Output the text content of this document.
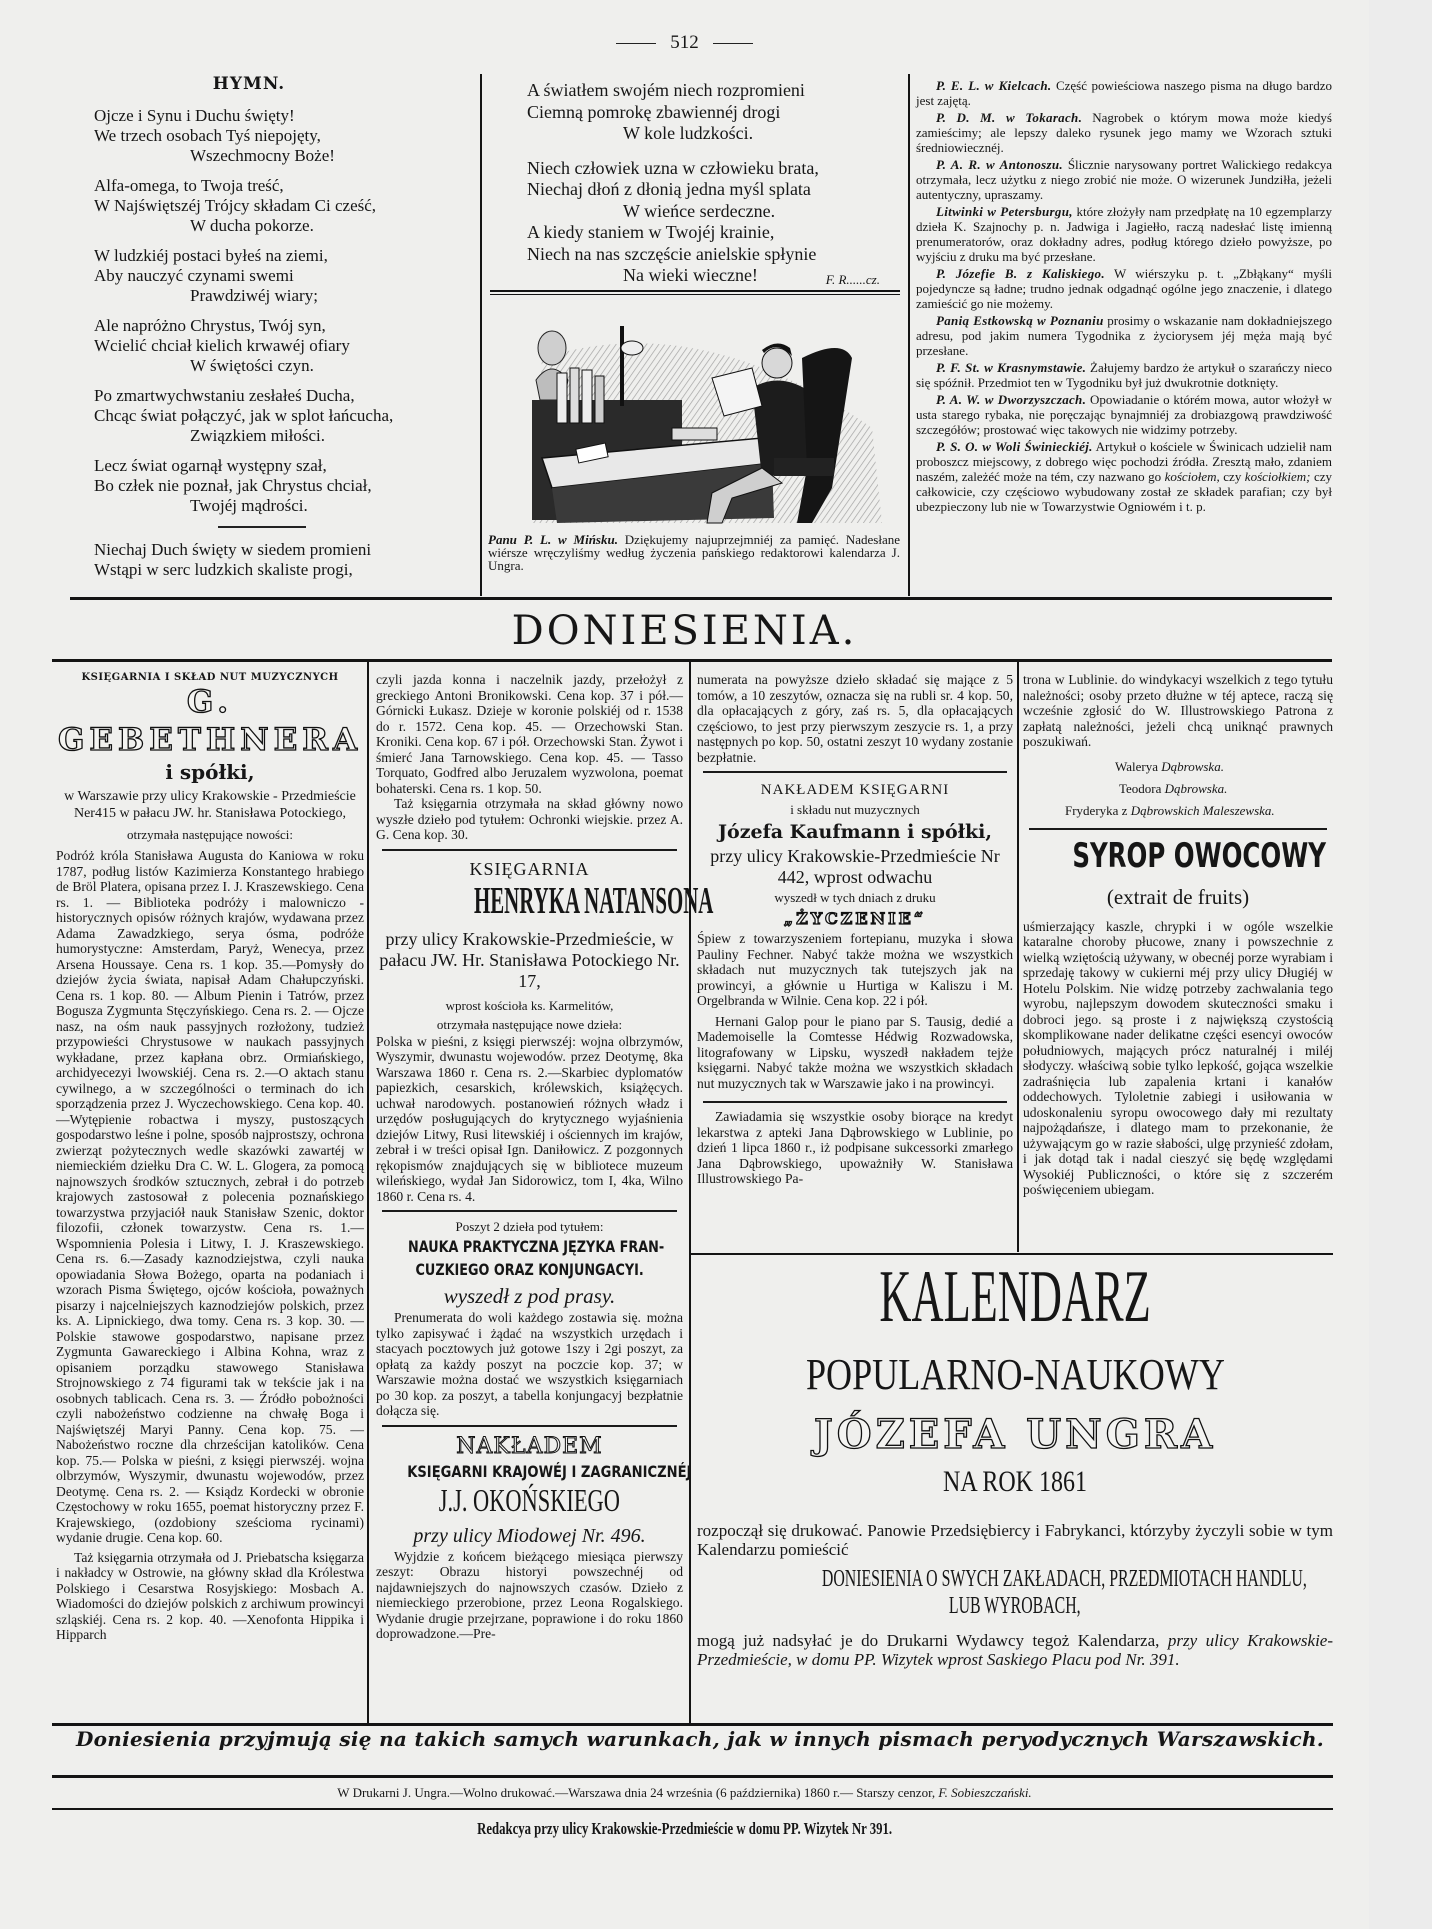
512
HYMN.
Ojcze i Synu i Duchu święty!
We trzech osobach Tyś niepojęty,
Wszechmocny Boże!
Alfa-omega, to Twoja treść,
W Najświętszéj Trójcy składam Ci cześć,
W ducha pokorze.
W ludzkiéj postaci byłeś na ziemi,
Aby nauczyć czynami swemi
Prawdziwéj wiary;
Ale napróżno Chrystus, Twój syn,
Wcielić chciał kielich krwawéj ofiary
W świętości czyn.
Po zmartwychwstaniu zesłałeś Ducha,
Chcąc świat połączyć, jak w splot łańcucha,
Związkiem miłości.
Lecz świat ogarnął występny szał,
Bo człek nie poznał, jak Chrystus chciał,
Twojéj mądrości.
Niechaj Duch święty w siedem promieni
Wstąpi w serc ludzkich skaliste progi,
A światłem swojém niech rozpromieni
Ciemną pomrokę zbawiennéj drogi
W kole ludzkości.
Niech człowiek uzna w człowieku brata,
Niechaj dłoń z dłonią jedna myśl splata
W wieńce serdeczne.
A kiedy staniem w Twojéj krainie,
Niech na nas szczęście anielskie spłynie
Na wieki wieczne!	F. R......cz.
Panu P. L. w Mińsku. Dziękujemy najuprzejmniéj za pamięć. Nadesłane wiérsze wręczyliśmy według życzenia pańskiego redaktorowi kalendarza J. Ungra.

P. E. L. w Kielcach. Część powieściowa naszego pisma na długo bardzo jest zajętą.

P. D. M. w Tokarach. Nagrobek o którym mowa może kiedyś zamieścimy; ale lepszy daleko rysunek jego mamy we Wzorach sztuki średniowiecznéj.

P. A. R. w Antonoszu. Ślicznie narysowany portret Walickiego redakcya otrzymała, lecz użytku z niego zrobić nie może. O wizerunek Jundziłła, jeżeli autentyczny, upraszamy.

Litwinki w Petersburgu, które złożyły nam przedpłatę na 10 egzemplarzy dzieła K. Szajnochy p. n. Jadwiga i Jagiełło, raczą nadesłać listę imienną prenumeratorów, oraz dokładny adres, podług którego dzieło powyższe, po wyjściu z druku ma być przesłane.

P. Józefie B. z Kaliskiego. W wiérszyku p. t. „Zbłąkany“ myśli pojedyncze są ładne; trudno jednak odgadnąć ogólne jego znaczenie, i dlatego zamieścić go nie możemy.

Panią Estkowską w Poznaniu prosimy o wskazanie nam dokładniejszego adresu, pod jakim numera Tygodnika z życiorysem jéj męża mają być przesłane.

P. F. St. w Krasnymstawie. Żałujemy bardzo że artykuł o szarańczy nieco się spóźnił. Przedmiot ten w Tygodniku był już dwukrotnie dotknięty.

P. A. W. w Dworzyszczach. Opowiadanie o którém mowa, autor włożył w usta starego rybaka, nie poręczając bynajmniéj za drobiazgową prawdziwość szczegółów; prostować więc takowych nie widzimy potrzeby.

P. S. O. w Woli Świnieckiéj. Artykuł o kościele w Świnicach udzielił nam proboszcz miejscowy, z dobrego więc pochodzi źródła. Zresztą mało, zdaniem naszém, zależéć może na tém, czy nazwano go kościołem, czy kościołkiem; czy całkowicie, czy częściowo wybudowany został ze składek parafian; czy był ubezpieczony lub nie w Towarzystwie Ogniowém i t. p.

DONIESIENIA.
KSIĘGARNIA I SKŁAD NUT MUZYCZNYCH
G. GEBETHNERA
i spółki,
w Warszawie przy ulicy Krakowskie - Przedmieście Ner415 w pałacu JW. hr. Stanisława Potockiego,
otrzymała następujące nowości:

Podróż króla Stanisława Augusta do Kaniowa w roku 1787, podług listów Kazimierza Konstantego hrabiego de Bröl Platera, opisana przez I. J. Kraszewskiego. Cena rs. 1. — Biblioteka podróży i malowniczo - historycznych opisów różnych krajów, wydawana przez Adama Zawadzkiego, serya ósma, podróże humorystyczne: Amsterdam, Paryż, Wenecya, przez Arsena Houssaye. Cena rs. 1 kop. 35.—Pomysły do dziejów życia świata, napisał Adam Chałupczyński. Cena rs. 1 kop. 80. — Album Pienin i Tatrów, przez Bogusza Zygmunta Stęczyńskiego. Cena rs. 2. — Ojcze nasz, na ośm nauk passyjnych rozłożony, tudzież przypowieści Chrystusowe w naukach passyjnych wykładane, przez kapłana obrz. Ormiańskiego, archidyecezyi lwowskiéj. Cena rs. 2.—O aktach stanu cywilnego, a w szczególności o terminach do ich sporządzenia przez J. Wyczechowskiego. Cena kop. 40.—Wytępienie robactwa i myszy, pustoszących gospodarstwo leśne i polne, sposób najprostszy, ochrona zwierząt pożytecznych wedle skazówki zawartéj w niemieckiém dziełku Dra C. W. L. Glogera, za pomocą najnowszych środków sztucznych, zebrał i do potrzeb krajowych zastosował z polecenia poznańskiego towarzystwa przyjaciół nauk Stanisław Szenic, doktor filozofii, członek towarzystw. Cena rs. 1.— Wspomnienia Polesia i Litwy, I. J. Kraszewskiego. Cena rs. 6.—Zasady kaznodziejstwa, czyli nauka opowiadania Słowa Bożego, oparta na podaniach i wzorach Pisma Świętego, ojców kościoła, poważnych pisarzy i najcelniejszych kaznodziejów polskich, przez ks. A. Lipnickiego, dwa tomy. Cena rs. 3 kop. 30. — Polskie stawowe gospodarstwo, napisane przez Zygmunta Gawareckiego i Albina Kohna, wraz z opisaniem porządku stawowego Stanisława Strojnowskiego z 74 figurami tak w tekście jak i na osobnych tablicach. Cena rs. 3. — Źródło pobożności czyli nabożeństwo codzienne na chwałę Boga i Najświętszéj Maryi Panny. Cena kop. 75. — Nabożeństwo roczne dla chrześcijan katolików. Cena kop. 75.— Polska w pieśni, z księgi pierwszéj. wojna olbrzymów, Wyszymir, dwunastu wojewodów, przez Deotymę. Cena rs. 2. — Ksiądz Kordecki w obronie Częstochowy w roku 1655, poemat historyczny przez F. Krajewskiego, (ozdobiony sześcioma rycinami) wydanie drugie. Cena kop. 60.

Taż księgarnia otrzymała od J. Priebatscha księgarza i nakładcy w Ostrowie, na główny skład dla Królestwa Polskiego i Cesarstwa Rosyjskiego: Mosbach A. Wiadomości do dziejów polskich z archiwum prowincyi szląskiéj. Cena rs. 2 kop. 40. —Xenofonta Hippika i Hipparch

czyli jazda konna i naczelnik jazdy, przełożył z greckiego Antoni Bronikowski. Cena kop. 37 i pół.—Górnicki Łukasz. Dzieje w koronie polskiéj od r. 1538 do r. 1572. Cena kop. 45. — Orzechowski Stan. Kroniki. Cena kop. 67 i pół. Orzechowski Stan. Żywot i śmierć Jana Tarnowskiego. Cena kop. 45. — Tasso Torquato, Godfred albo Jeruzalem wyzwolona, poemat bohaterski. Cena rs. 1 kop. 50.

Taż księgarnia otrzymała na skład główny nowo wyszłe dzieło pod tytułem: Ochronki wiejskie. przez A. G. Cena kop. 30.

KSIĘGARNIA
HENRYKA NATANSONA
przy ulicy Krakowskie-Przedmieście, w pałacu JW. Hr. Stanisława Potockiego Nr. 17,
wprost kościoła ks. Karmelitów,
otrzymała następujące nowe dzieła:

Polska w pieśni, z księgi pierwszéj: wojna olbrzymów, Wyszymir, dwunastu wojewodów. przez Deotymę, 8ka Warszawa 1860 r. Cena rs. 2.—Skarbiec dyplomatów papiezkich, cesarskich, królewskich, książęcych. uchwał narodowych. postanowień różnych władz i urzędów posługujących do krytycznego wyjaśnienia dziejów Litwy, Rusi litewskiéj i ościennych im krajów, zebrał i w treści opisał Ign. Daniłowicz. Z pozgonnych rękopismów znajdujących się w bibliotece muzeum wileńskiego, wydał Jan Sidorowicz, tom I, 4ka, Wilno 1860 r. Cena rs. 4.

Poszyt 2 dzieła pod tytułem:
NAUKA PRAKTYCZNA JĘZYKA FRAN-
CUZKIEGO ORAZ KONJUNGACYI.
wyszedł z pod prasy.

Prenumerata do woli każdego zostawia się. można tylko zapisywać i żądać na wszystkich urzędach i stacyach pocztowych już gotowe 1szy i 2gi poszyt, za opłatą za każdy poszyt na poczcie kop. 37; w Warszawie można dostać we wszystkich księgarniach po 30 kop. za poszyt, a tabella konjungacyj bezpłatnie dołącza się.

NAKŁADEM
KSIĘGARNI KRAJOWÉJ I ZAGRANICZNÉJ
J.J. OKOŃSKIEGO
przy ulicy Miodowej Nr. 496.

Wyjdzie z końcem bieżącego miesiąca pierwszy zeszyt: Obrazu historyi powszechnéj od najdawniejszych do najnowszych czasów. Dzieło z niemieckiego przerobione, przez Leona Rogalskiego. Wydanie drugie przejrzane, poprawione i do roku 1860 doprowadzone.—Pre-

numerata na powyższe dzieło składać się mające z 5 tomów, a 10 zeszytów, oznacza się na rubli sr. 4 kop. 50, dla opłacających z góry, zaś rs. 5, dla opłacających częściowo, to jest przy pierwszym zeszycie rs. 1, a przy następnych po kop. 50, ostatni zeszyt 10 wydany zostanie bezpłatnie.

NAKŁADEM KSIĘGARNI
i składu nut muzycznych
Józefa Kaufmann i spółki,
przy ulicy Krakowskie-Przedmieście Nr 442, wprost odwachu
wyszedł w tych dniach z druku
„ŻYCZENIE“

Śpiew z towarzyszeniem fortepianu, muzyka i słowa Pauliny Fechner. Nabyć także można we wszystkich składach nut muzycznych tak tutejszych jak na prowincyi, a głównie u Hurtiga w Kaliszu i M. Orgelbranda w Wilnie. Cena kop. 22 i pół.

Hernani Galop pour le piano par S. Tausig, dedié a Mademoiselle la Comtesse Hédwig Rozwadowska, litografowany w Lipsku, wyszedł nakładem tejże księgarni. Nabyć także można we wszystkich składach nut muzycznych tak w Warszawie jako i na prowincyi.

Zawiadamia się wszystkie osoby biorące na kredyt lekarstwa z apteki Jana Dąbrowskiego w Lublinie, po dzień 1 lipca 1860 r., iż podpisane sukcessorki zmarłego Jana Dąbrowskiego, upoważniły W. Stanisława Illustrowskiego Pa-

trona w Lublinie. do windykacyi wszelkich z tego tytułu należności; osoby przeto dłużne w téj aptece, raczą się wcześnie zgłosić do W. Illustrowskiego Patrona z zapłatą należności, jeżeli chcą uniknąć prawnych poszukiwań.

Walerya Dąbrowska.
Teodora Dąbrowska.
Fryderyka z Dąbrowskich Maleszewska.
SYROP OWOCOWY
(extrait de fruits)

uśmierzający kaszle, chrypki i w ogóle wszelkie kataralne choroby płucowe, znany i powszechnie z wielką wziętością używany, w obecnéj porze wyrabiam i sprzedaję takowy w cukierni méj przy ulicy Długiéj w Hotelu Polskim. Nie widzę potrzeby zachwalania tego wyrobu, najlepszym dowodem skuteczności smaku i dobroci jego. są proste i z największą czystością skomplikowane nader delikatne części esencyi owoców południowych, mających prócz naturalnéj i miléj słodyczy. właściwą sobie tylko lepkość, gojąca wszelkie zadraśnięcia lub zapalenia krtani i kanałów oddechowych. Tyloletnie zabiegi i usiłowania w udoskonaleniu syropu owocowego dały mi rezultaty najpożądańsze, i dlatego mam to przekonanie, że używającym go w razie słabości, ulgę przynieść zdołam, i jak dotąd tak i nadal cieszyć się będę względami Wysokiéj Publiczności, o które się z szczerém poświęceniem ubiegam.

KALENDARZ
POPULARNO-NAUKOWY
JÓZEFA UNGRA
NA ROK 1861

rozpoczął się drukować. Panowie Przedsiębiercy i Fabrykanci, którzyby życzyli sobie w tym Kalendarzu pomieścić

DONIESIENIA O SWYCH ZAKŁADACH, PRZEDMIOTACH HANDLU,
LUB WYROBACH,

mogą już nadsyłać je do Drukarni Wydawcy tegoż Kalendarza, przy ulicy Krakowskie-Przedmieście, w domu PP. Wizytek wprost Saskiego Placu pod Nr. 391.

Doniesienia przyjmują się na takich samych warunkach, jak w innych pismach peryodycznych Warszawskich.
W Drukarni J. Ungra.—Wolno drukować.—Warszawa dnia 24 września (6 października) 1860 r.— Starszy cenzor, F. Sobieszczański.
Redakcya przy ulicy Krakowskie-Przedmieście w domu PP. Wizytek Nr 391.
